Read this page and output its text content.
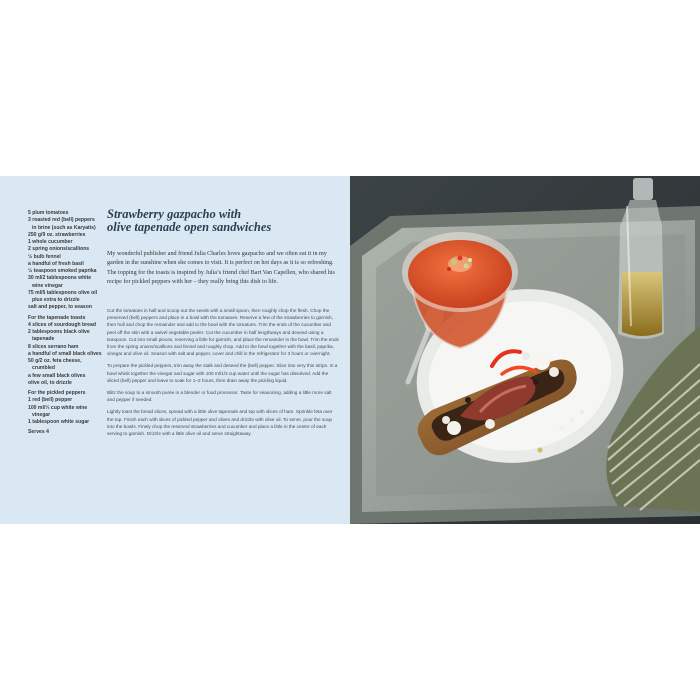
5 plum tomatoes
3 roasted red (bell) peppers
in brine (such as Karyatis)
250 g/9 oz. strawberries
1 whole cucumber
2 spring onions/scallions
½ bulb fennel
a handful of fresh basil
½ teaspoon smoked paprika
30 ml/2 tablespoons white
wine vinegar
75 ml/5 tablespoons olive oil
plus extra to drizzle
salt and pepper, to season
For the tapenade toasts
4 slices of sourdough bread
2 tablespoons black olive
tapenade
8 slices serrano ham
a handful of small black olives
50 g/2 oz. feta cheese,
crumbled
a few small black olives
olive oil, to drizzle
For the pickled peppers
1 red (bell) pepper
100 ml/⅓ cup white wine
vinegar
1 tablespoon white sugar
Serves 4
Strawberry gazpacho with
olive tapenade open sandwiches

My wonderful publisher and friend Julia Charles loves gazpacho and we often eat it in my garden in the sunshine when she comes to visit. It is perfect on hot days as it is so refreshing. The topping for the toasts is inspired by Julia’s friend chef Bart Van Capellen, who shared his recipe for pickled peppers with her – they really bring this dish to life.

Cut the tomatoes in half and scoop out the seeds with a small spoon, then roughly chop the flesh. Chop the preserved (bell) peppers and place in a bowl with the tomatoes. Reserve a few of the strawberries to garnish, then hull and chop the remainder and add to the bowl with the tomatoes. Trim the ends of the cucumber and peel off the skin with a swivel vegetable peeler. Cut the cucumber in half lengthways and deseed using a teaspoon. Cut into small pieces, reserving a little for garnish, and place the remainder in the bowl. Trim the ends from the spring onions/scallions and fennel and roughly chop. Add to the bowl together with the basil, paprika, vinegar and olive oil. Season with salt and pepper, cover and chill in the refrigerator for 3 hours or overnight.

To prepare the pickled peppers, trim away the stalk and deseed the (bell) pepper. Slice into very thin strips. In a bowl whisk together the vinegar and sugar with 100 ml/1/3 cup water until the sugar has dissolved. Add the sliced (bell) pepper and leave to soak for 1–2 hours, then drain away the pickling liquid.

Blitz the soup to a smooth purée in a blender or food processor. Taste for seasoning, adding a little more salt and pepper if needed.

Lightly toast the bread slices, spread with a little olive tapenade and top with slices of ham. Sprinkle feta over the top. Finish each with slices of pickled pepper and olives and drizzle with olive oil. To serve, pour the soup into the bowls. Finely chop the reserved strawberries and cucumber and place a little in the centre of each serving to garnish. Drizzle with a little olive oil and serve straightaway.
